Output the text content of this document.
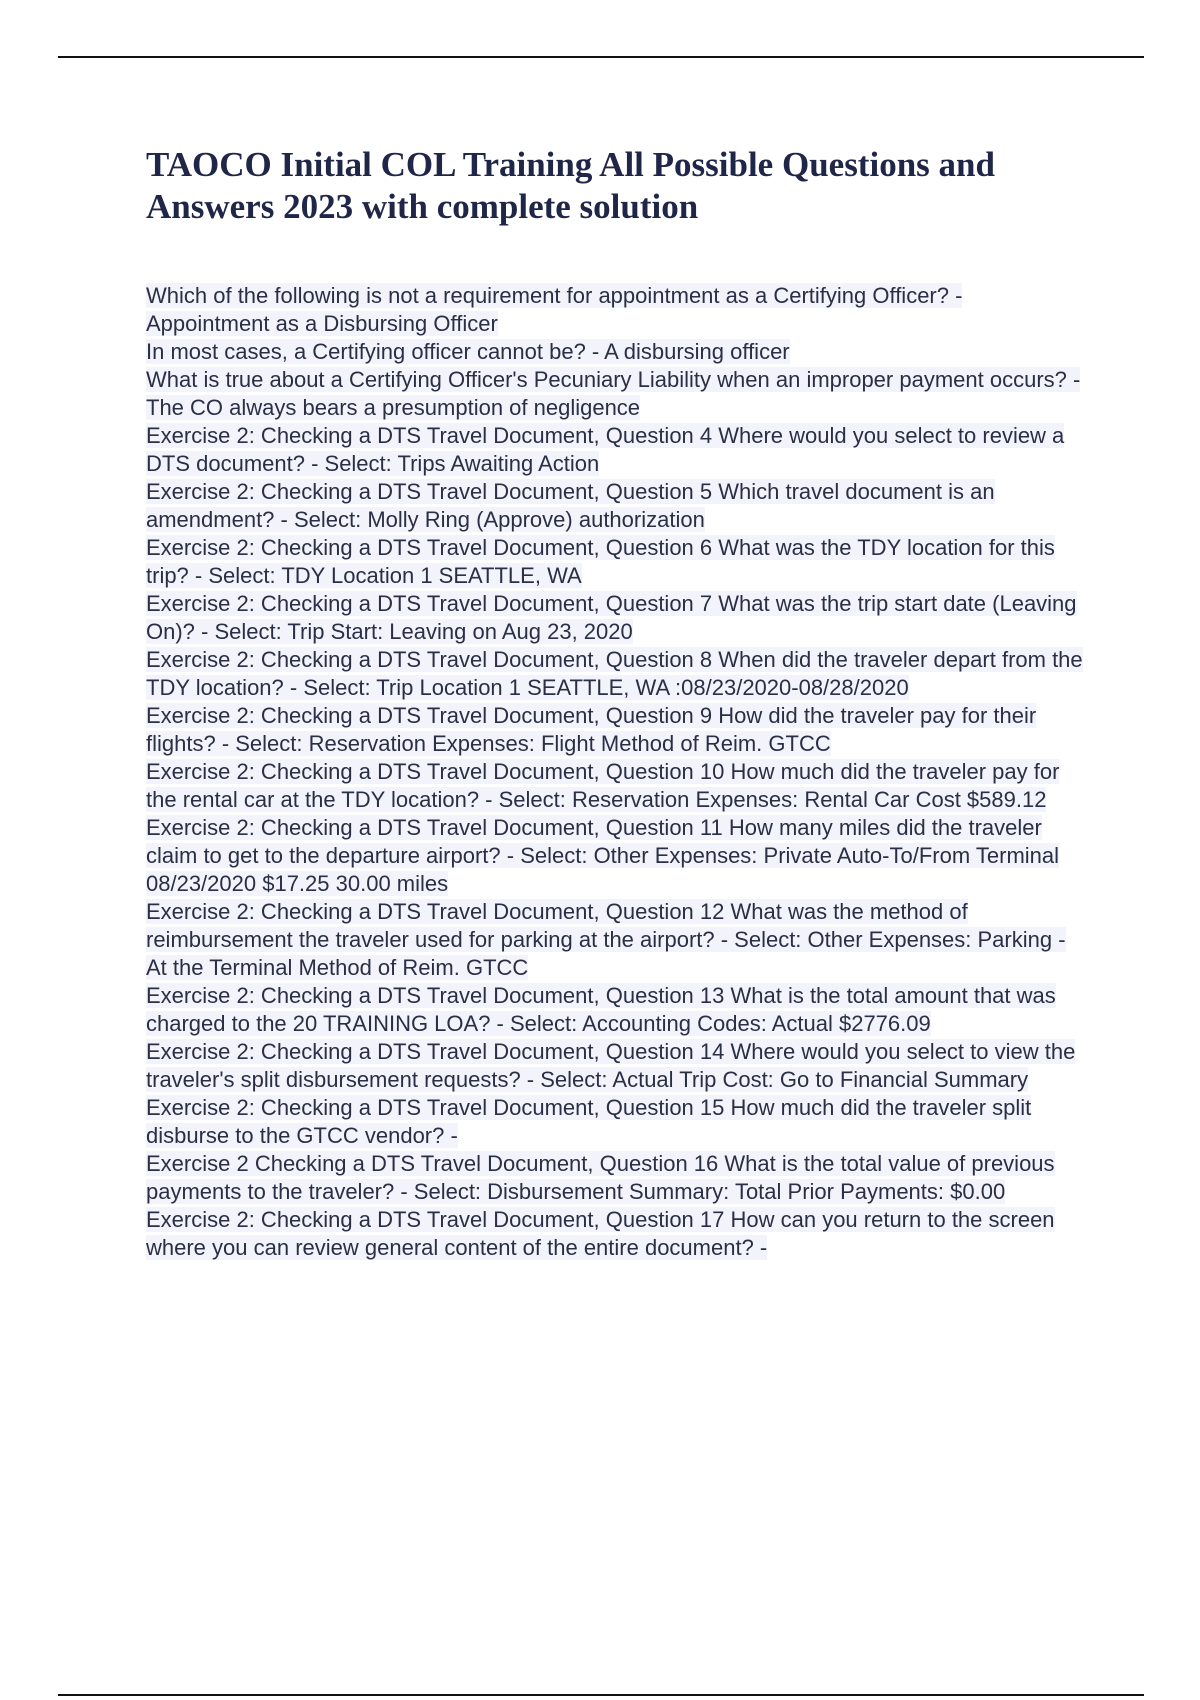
TAOCO Initial COL Training All Possible Questions and Answers 2023 with complete solution
Which of the following is not a requirement for appointment as a Certifying Officer? - Appointment as a Disbursing Officer
In most cases, a Certifying officer cannot be? - A disbursing officer
What is true about a Certifying Officer's Pecuniary Liability when an improper payment occurs? - The CO always bears a presumption of negligence
Exercise 2: Checking a DTS Travel Document, Question 4 Where would you select to review a DTS document? - Select: Trips Awaiting Action
Exercise 2: Checking a DTS Travel Document, Question 5 Which travel document is an amendment? - Select: Molly Ring (Approve) authorization
Exercise 2: Checking a DTS Travel Document, Question 6 What was the TDY location for this trip? - Select: TDY Location 1 SEATTLE, WA
Exercise 2: Checking a DTS Travel Document, Question 7 What was the trip start date (Leaving On)? - Select: Trip Start: Leaving on Aug 23, 2020
Exercise 2: Checking a DTS Travel Document, Question 8 When did the traveler depart from the TDY location? - Select: Trip Location 1 SEATTLE, WA :08/23/2020-08/28/2020
Exercise 2: Checking a DTS Travel Document, Question 9 How did the traveler pay for their flights? - Select: Reservation Expenses: Flight Method of Reim. GTCC
Exercise 2: Checking a DTS Travel Document, Question 10 How much did the traveler pay for the rental car at the TDY location? - Select: Reservation Expenses: Rental Car Cost $589.12
Exercise 2: Checking a DTS Travel Document, Question 11 How many miles did the traveler claim to get to the departure airport? - Select: Other Expenses: Private Auto-To/From Terminal 08/23/2020 $17.25 30.00 miles
Exercise 2: Checking a DTS Travel Document, Question 12 What was the method of reimbursement the traveler used for parking at the airport? - Select: Other Expenses: Parking -At the Terminal Method of Reim. GTCC
Exercise 2: Checking a DTS Travel Document, Question 13 What is the total amount that was charged to the 20 TRAINING LOA? - Select: Accounting Codes: Actual $2776.09
Exercise 2: Checking a DTS Travel Document, Question 14 Where would you select to view the traveler's split disbursement requests? - Select: Actual Trip Cost: Go to Financial Summary
Exercise 2: Checking a DTS Travel Document, Question 15 How much did the traveler split disburse to the GTCC vendor? -
Exercise 2 Checking a DTS Travel Document, Question 16 What is the total value of previous payments to the traveler? - Select: Disbursement Summary: Total Prior Payments: $0.00
Exercise 2: Checking a DTS Travel Document, Question 17 How can you return to the screen where you can review general content of the entire document? -
